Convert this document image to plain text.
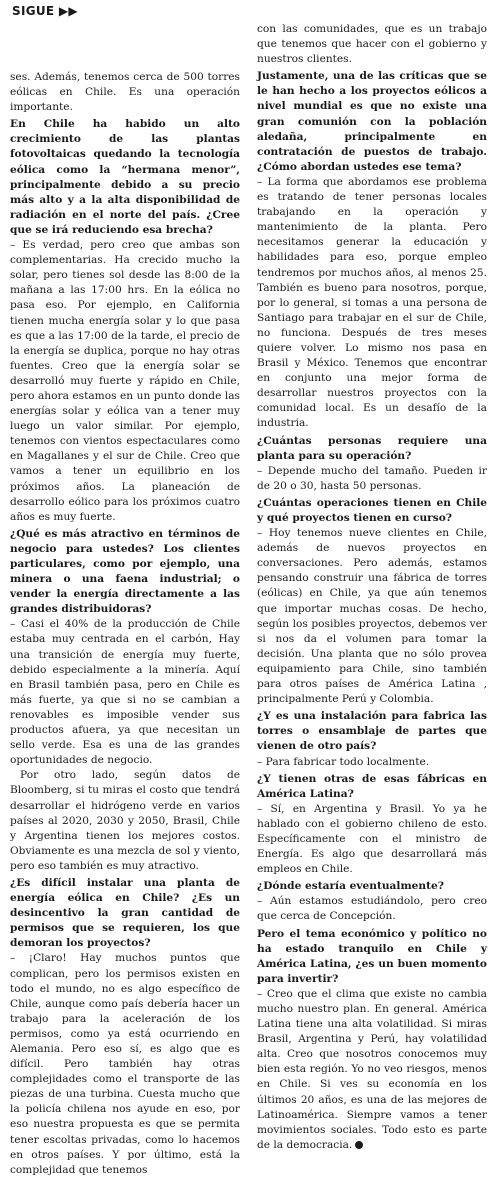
SIGUE ▶▶

ses. Además, tenemos cerca de 500 torres eólicas en Chile. Es una operación importante.

En Chile ha habido un alto crecimiento de las plantas fotovoltaicas quedando la tecnología eólica como la “hermana menor”, principalmente debido a su precio más alto y a la alta disponibilidad de radiación en el norte del país. ¿Cree que se irá reduciendo esa brecha?

– Es verdad, pero creo que ambas son complementarias. Ha crecido mucho la solar, pero tienes sol desde las 8:00 de la mañana a las 17:00 hrs. En la eólica no pasa eso. Por ejemplo, en California tienen mucha energía solar y lo que pasa es que a las 17:00 de la tarde, el precio de la energía se duplica, porque no hay otras fuentes. Creo que la energía solar se desarrolló muy fuerte y rápido en Chile, pero ahora estamos en un punto donde las energías solar y eólica van a tener muy luego un valor similar. Por ejemplo, tenemos con vientos espectaculares como en Magallanes y el sur de Chile. Creo que vamos a tener un equilibrio en los próximos años. La planeación de desarrollo eólico para los próximos cuatro años es muy fuerte.

¿Qué es más atractivo en términos de negocio para ustedes? Los clientes particulares, como por ejemplo, una minera o una faena industrial; o vender la energía directamente a las grandes distribuidoras?

– Casi el 40% de la producción de Chile estaba muy centrada en el carbón, Hay una transición de energía muy fuerte, debido especialmente a la minería. Aquí en Brasil también pasa, pero en Chile es más fuerte, ya que si no se cambian a renovables es imposible vender sus productos afuera, ya que necesitan un sello verde. Esa es una de las grandes oportunidades de negocio.

Por otro lado, según datos de Bloomberg, si tu miras el costo que tendrá desarrollar el hidrógeno verde en varios países al 2020, 2030 y 2050, Brasil, Chile y Argentina tienen los mejores costos. Obviamente es una mezcla de sol y viento, pero eso también es muy atractivo.

¿Es difícil instalar una planta de energía eólica en Chile? ¿Es un desincentivo la gran cantidad de permisos que se requieren, los que demoran los proyectos?

– ¡Claro! Hay muchos puntos que complican, pero los permisos existen en todo el mundo, no es algo específico de Chile, aunque como país debería hacer un trabajo para la aceleración de los permisos, como ya está ocurriendo en Alemania. Pero eso sí, es algo que es difícil. Pero también hay otras complejidades como el transporte de las piezas de una turbina. Cuesta mucho que la policía chilena nos ayude en eso, por eso nuestra propuesta es que se permita tener escoltas privadas, como lo hacemos en otros países. Y por último, está la complejidad que tenemos

con las comunidades, que es un trabajo que tenemos que hacer con el gobierno y nuestros clientes.

Justamente, una de las críticas que se le han hecho a los proyectos eólicos a nivel mundial es que no existe una gran comunión con la población aledaña, principalmente en contratación de puestos de trabajo. ¿Cómo abordan ustedes ese tema?

– La forma que abordamos ese problema es tratando de tener personas locales trabajando en la operación y mantenimiento de la planta. Pero necesitamos generar la educación y habilidades para eso, porque empleo tendremos por muchos años, al menos 25. También es bueno para nosotros, porque, por lo general, si tomas a una persona de Santiago para trabajar en el sur de Chile, no funciona. Después de tres meses quiere volver. Lo mismo nos pasa en Brasil y México. Tenemos que encontrar en conjunto una mejor forma de desarrollar nuestros proyectos con la comunidad local. Es un desafío de la industria.

¿Cuántas personas requiere una planta para su operación?

– Depende mucho del tamaño. Pueden ir de 20 o 30, hasta 50 personas.

¿Cuántas operaciones tienen en Chile y qué proyectos tienen en curso?

– Hoy tenemos nueve clientes en Chile, además de nuevos proyectos en conversaciones. Pero además, estamos pensando construir una fábrica de torres (eólicas) en Chile, ya que aún tenemos que importar muchas cosas. De hecho, según los posibles proyectos, debemos ver si nos da el volumen para tomar la decisión. Una planta que no sólo provea equipamiento para Chile, sino también para otros países de América Latina , principalmente Perú y Colombia.

¿Y es una instalación para fabrica las torres o ensamblaje de partes que vienen de otro país?

– Para fabricar todo localmente.

¿Y tienen otras de esas fábricas en América Latina?

– Sí, en Argentina y Brasil. Yo ya he hablado con el gobierno chileno de esto. Específicamente con el ministro de Energía. Es algo que desarrollará más empleos en Chile.

¿Dónde estaría eventualmente?

– Aún estamos estudiándolo, pero creo que cerca de Concepción.

Pero el tema económico y político no ha estado tranquilo en Chile y América Latina, ¿es un buen momento para invertir?

– Creo que el clima que existe no cambia mucho nuestro plan. En general. América Latina tiene una alta volatilidad. Si miras Brasil, Argentina y Perú, hay volatilidad alta. Creo que nosotros conocemos muy bien esta región. Yo no veo riesgos, menos en Chile. Si ves su economía en los últimos 20 años, es una de las mejores de Latinoamérica. Siempre vamos a tener movimientos sociales. Todo esto es parte de la democracia.
